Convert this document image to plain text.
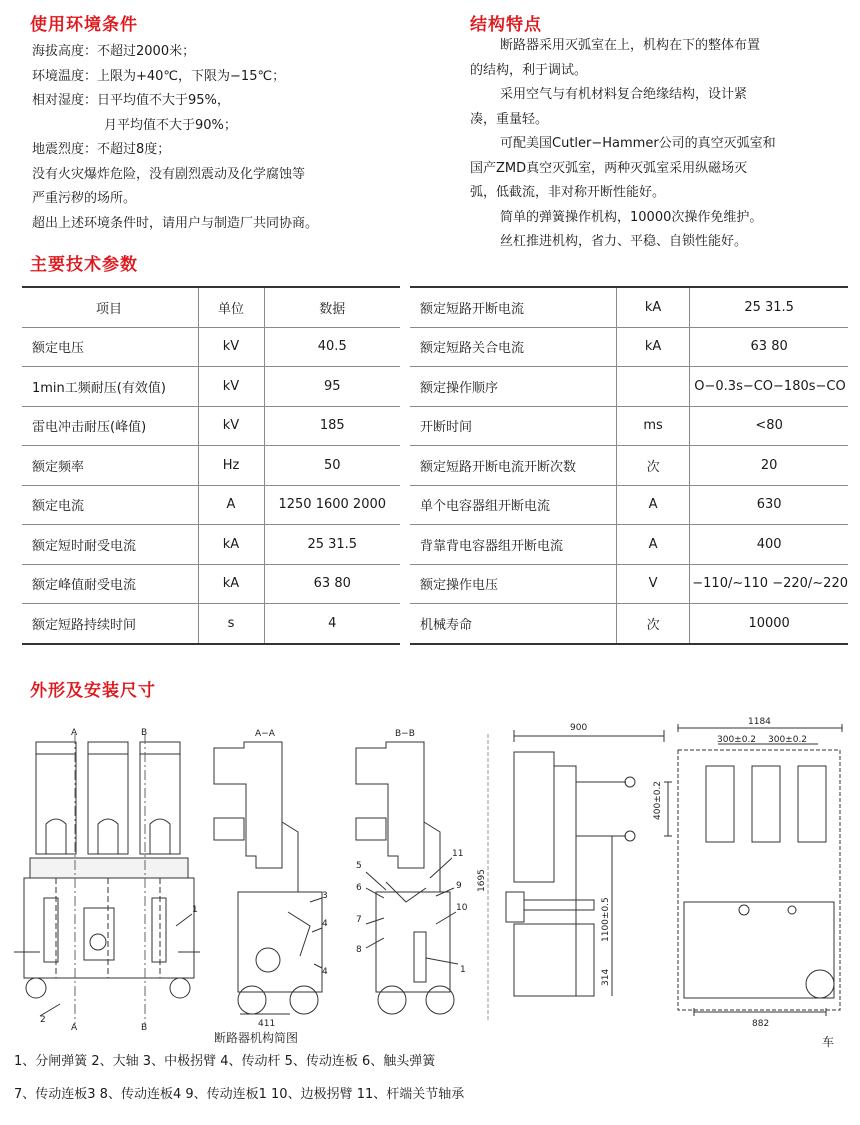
使用环境条件	结构特点
主要技术参数
外形及安装尺寸
海拔高度：不超过2000米；
环境温度：上限为+40℃，下限为−15℃；
相对湿度：日平均值不大于95%，
月平均值不大于90%；
地震烈度：不超过8度；
没有火灾爆炸危险，没有剧烈震动及化学腐蚀等
严重污秽的场所。
超出上述环境条件时，请用户与制造厂共同协商。
断路器采用灭弧室在上，机构在下的整体布置
的结构，利于调试。
采用空气与有机材料复合绝缘结构，设计紧
凑，重量轻。
可配美国Cutler−Hammer公司的真空灭弧室和
国产ZMD真空灭弧室，两种灭弧室采用纵磁场灭
弧，低截流，非对称开断性能好。
简单的弹簧操作机构，10000次操作免维护。
丝杠推进机构，省力、平稳、自锁性能好。
项目	单位	数据
额定电压	kV	40.5
1min工频耐压(有效值)	kV	95
雷电冲击耐压(峰值)	kV	185
额定频率	Hz	50
额定电流	A	1250 1600 2000
额定短时耐受电流	kA	25 31.5
额定峰值耐受电流	kA	63 80
额定短路持续时间	s	4
额定短路开断电流	kA	25 31.5
额定短路关合电流	kA	63 80
额定操作顺序		O−0.3s−CO−180s−CO
开断时间	ms	<80
额定短路开断电流开断次数	次	20
单个电容器组开断电流	A	630
背靠背电容器组开断电流	A	400
额定操作电压	V	−110/∼110 −220/∼220
机械寿命	次	10000
A	B
A	B
2
1
A−A
3
4
4
411
断路器机构简图
B−B
5
6
7
8
11
9
10
1
900
1695
400±0.2
1100±0.5
314
1184
300±0.2 300±0.2
882
车
1、分闸弹簧 2、大轴 3、中极拐臂 4、传动杆 5、传动连板 6、触头弹簧
7、传动连板3 8、传动连板4 9、传动连板1 10、边极拐臂 11、杆端关节轴承
